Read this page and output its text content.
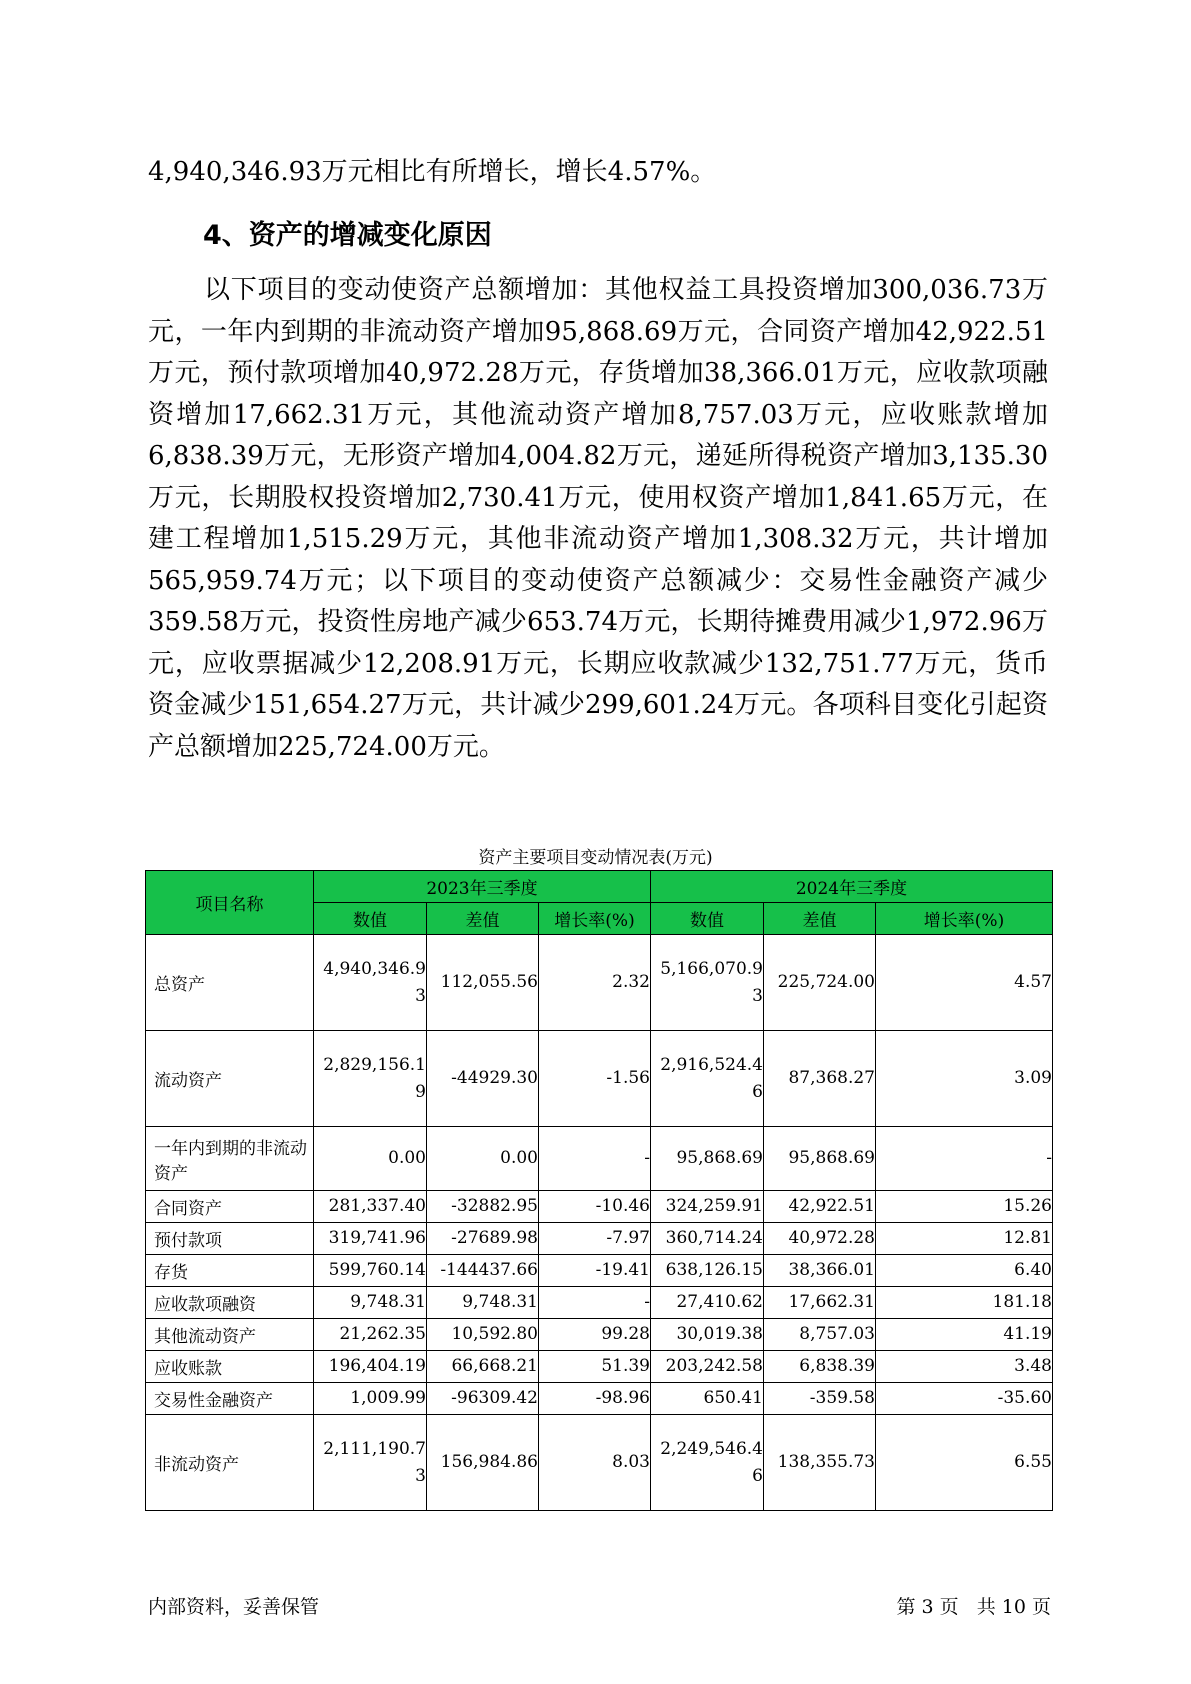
4,940,346.93万元相比有所增长，增长4.57%。

4、资产的增减变化原因

以下项目的变动使资产总额增加：其他权益工具投资增加300,036.73万元，一年内到期的非流动资产增加95,868.69万元，合同资产增加42,922.51万元，预付款项增加40,972.28万元，存货增加38,366.01万元，应收款项融资增加17,662.31万元，其他流动资产增加8,757.03万元，应收账款增加6,838.39万元，无形资产增加4,004.82万元，递延所得税资产增加3,135.30万元，长期股权投资增加2,730.41万元，使用权资产增加1,841.65万元，在建工程增加1,515.29万元，其他非流动资产增加1,308.32万元，共计增加565,959.74万元；以下项目的变动使资产总额减少：交易性金融资产减少359.58万元，投资性房地产减少653.74万元，长期待摊费用减少1,972.96万元，应收票据减少12,208.91万元，长期应收款减少132,751.77万元，货币资金减少151,654.27万元，共计减少299,601.24万元。各项科目变化引起资产总额增加225,724.00万元。

资产主要项目变动情况表(万元)
项目名称	2023年三季度			2024年三季度		
	数值	差值	增长率(%)	数值	差值	增长率(%)
总资产	4,940,346.93	112,055.56	2.32	5,166,070.93	225,724.00	4.57
流动资产	2,829,156.19	-44929.30	-1.56	2,916,524.46	87,368.27	3.09
一年内到期的非流动资产	0.00	0.00	-	95,868.69	95,868.69	-
合同资产	281,337.40	-32882.95	-10.46	324,259.91	42,922.51	15.26
预付款项	319,741.96	-27689.98	-7.97	360,714.24	40,972.28	12.81
存货	599,760.14	-144437.66	-19.41	638,126.15	38,366.01	6.40
应收款项融资	9,748.31	9,748.31	-	27,410.62	17,662.31	181.18
其他流动资产	21,262.35	10,592.80	99.28	30,019.38	8,757.03	41.19
应收账款	196,404.19	66,668.21	51.39	203,242.58	6,838.39	3.48
交易性金融资产	1,009.99	-96309.42	-98.96	650.41	-359.58	-35.60
非流动资产	2,111,190.73	156,984.86	8.03	2,249,546.46	138,355.73	6.55
内部资料，妥善保管	第 3 页   共 10 页
